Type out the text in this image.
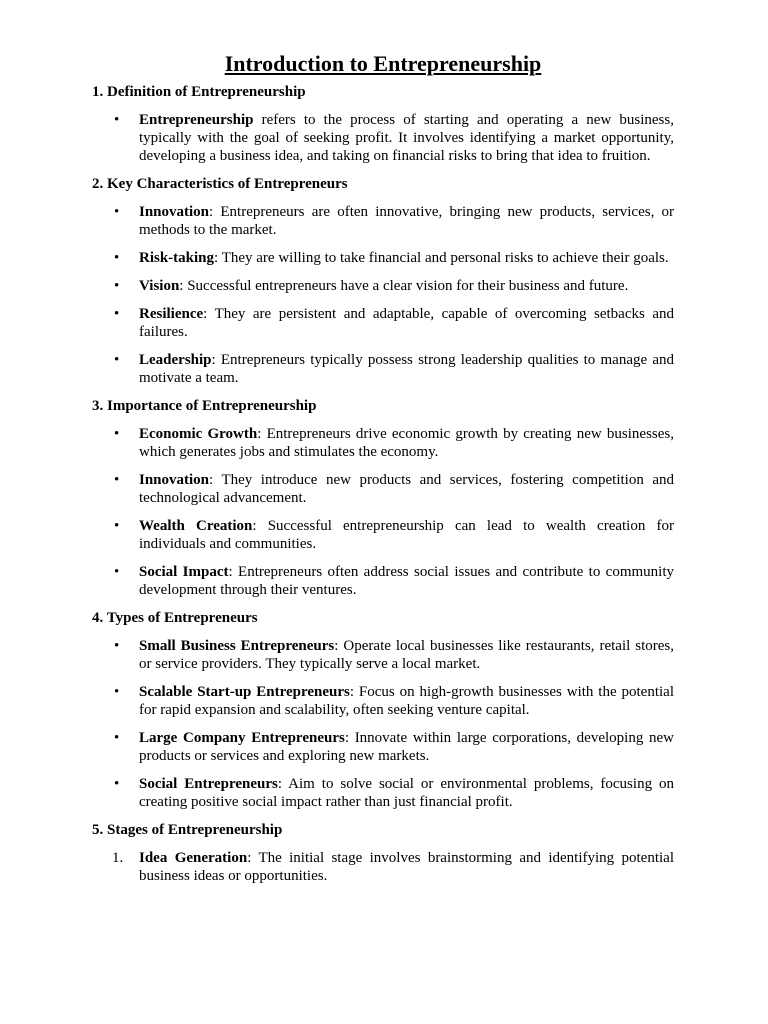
Introduction to Entrepreneurship
1. Definition of Entrepreneurship
• Entrepreneurship refers to the process of starting and operating a new business, typically with the goal of seeking profit. It involves identifying a market opportunity, developing a business idea, and taking on financial risks to bring that idea to fruition.
2. Key Characteristics of Entrepreneurs
• Innovation: Entrepreneurs are often innovative, bringing new products, services, or methods to the market.
• Risk-taking: They are willing to take financial and personal risks to achieve their goals.
• Vision: Successful entrepreneurs have a clear vision for their business and future.
• Resilience: They are persistent and adaptable, capable of overcoming setbacks and failures.
• Leadership: Entrepreneurs typically possess strong leadership qualities to manage and motivate a team.
3. Importance of Entrepreneurship
• Economic Growth: Entrepreneurs drive economic growth by creating new businesses, which generates jobs and stimulates the economy.
• Innovation: They introduce new products and services, fostering competition and technological advancement.
• Wealth Creation: Successful entrepreneurship can lead to wealth creation for individuals and communities.
• Social Impact: Entrepreneurs often address social issues and contribute to community development through their ventures.
4. Types of Entrepreneurs
• Small Business Entrepreneurs: Operate local businesses like restaurants, retail stores, or service providers. They typically serve a local market.
• Scalable Start-up Entrepreneurs: Focus on high-growth businesses with the potential for rapid expansion and scalability, often seeking venture capital.
• Large Company Entrepreneurs: Innovate within large corporations, developing new products or services and exploring new markets.
• Social Entrepreneurs: Aim to solve social or environmental problems, focusing on creating positive social impact rather than just financial profit.
5. Stages of Entrepreneurship
1. Idea Generation: The initial stage involves brainstorming and identifying potential business ideas or opportunities.
